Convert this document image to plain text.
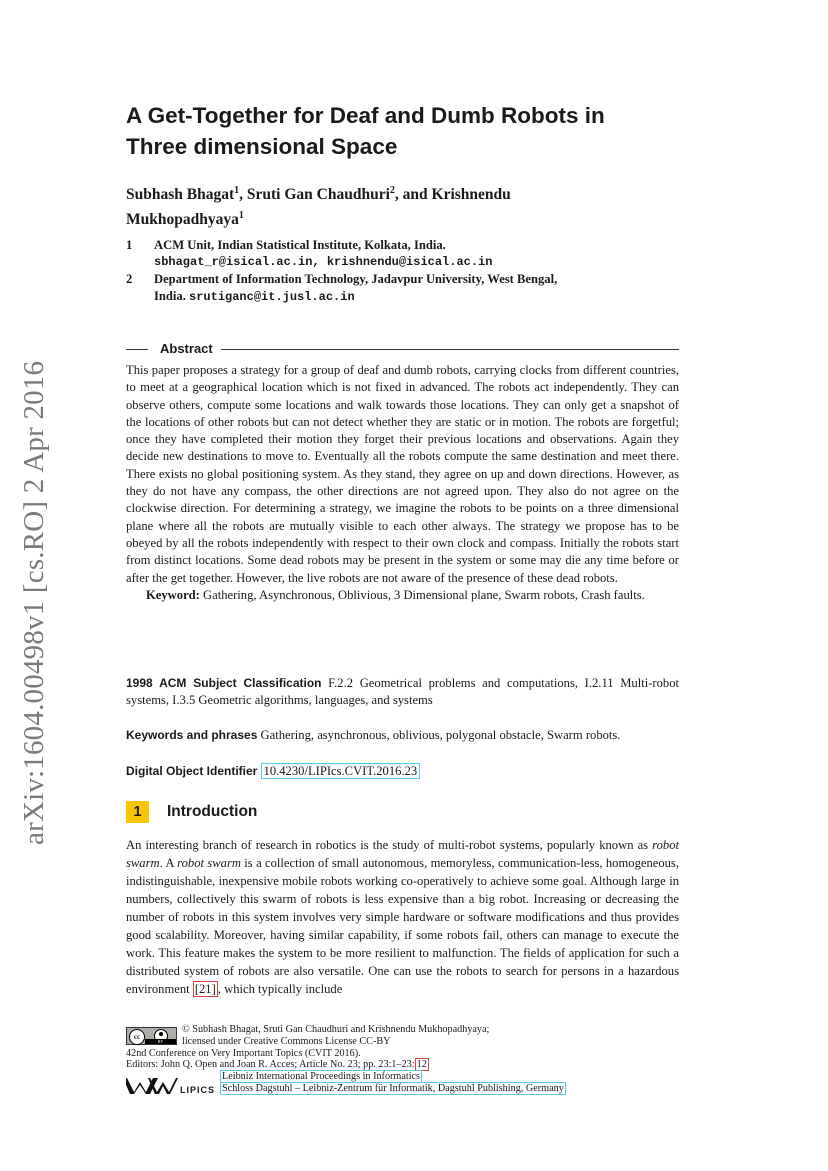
arXiv:1604.00498v1 [cs.RO] 2 Apr 2016
A Get-Together for Deaf and Dumb Robots in
Three dimensional Space
Subhash Bhagat$^1$, Sruti Gan Chaudhuri$^2$, and Krishnendu
Mukhopadhyaya$^1$
1 ACM Unit, Indian Statistical Institute, Kolkata, India.
sbhagat_r@isical.ac.in, krishnendu@isical.ac.in
2 Department of Information Technology, Jadavpur University, West Bengal,
India. srutiganc@it.jusl.ac.in
Abstract

This paper proposes a strategy for a group of deaf and dumb robots, carrying clocks from different countries, to meet at a geographical location which is not fixed in advanced. The robots act independently. They can observe others, compute some locations and walk towards those locations. They can only get a snapshot of the locations of other robots but can not detect whether they are static or in motion. The robots are forgetful; once they have completed their motion they forget their previous locations and observations. Again they decide new destinations to move to. Eventually all the robots compute the same destination and meet there. There exists no global positioning system. As they stand, they agree on up and down directions. However, as they do not have any compass, the other directions are not agreed upon. They also do not agree on the clockwise direction. For determining a strategy, we imagine the robots to be points on a three dimensional plane where all the robots are mutually visible to each other always. The strategy we propose has to be obeyed by all the robots independently with respect to their own clock and compass. Initially the robots start from distinct locations. Some dead robots may be present in the system or some may die any time before or after the get together. However, the live robots are not aware of the presence of these dead robots.

Keyword: Gathering, Asynchronous, Oblivious, 3 Dimensional plane, Swarm robots, Crash faults.

1998 ACM Subject Classification F.2.2 Geometrical problems and computations, I.2.11 Multi-robot systems, I.3.5 Geometric algorithms, languages, and systems
Keywords and phrases Gathering, asynchronous, oblivious, polygonal obstacle, Swarm robots.
Digital Object Identifier 10.4230/LIPIcs.CVIT.2016.23
1	Introduction

An interesting branch of research in robotics is the study of multi-robot systems, popularly known as robot swarm. A robot swarm is a collection of small autonomous, memoryless, communication-less, homogeneous, indistinguishable, inexpensive mobile robots working co-operatively to achieve some goal. Although large in numbers, collectively this swarm of robots is less expensive than a big robot. Increasing or decreasing the number of robots in this system involves very simple hardware or software modifications and thus provides good scalability. Moreover, having similar capability, if some robots fail, others can manage to execute the work. This feature makes the system to be more resilient to malfunction. The fields of application for such a distributed system of robots are also versatile. One can use the robots to search for persons in a hazardous environment [21] , which typically include

cc
BY
© Subhash Bhagat, Sruti Gan Chaudhuri and Krishnendu Mukhopadhyaya;
licensed under Creative Commons License CC-BY
42nd Conference on Very Important Topics (CVIT 2016).
Editors: John Q. Open and Joan R. Acces; Article No. 23; pp. 23:1–23: 12
LIPICS
Leibniz International Proceedings in Informatics
Schloss Dagstuhl – Leibniz-Zentrum für Informatik, Dagstuhl Publishing, Germany
